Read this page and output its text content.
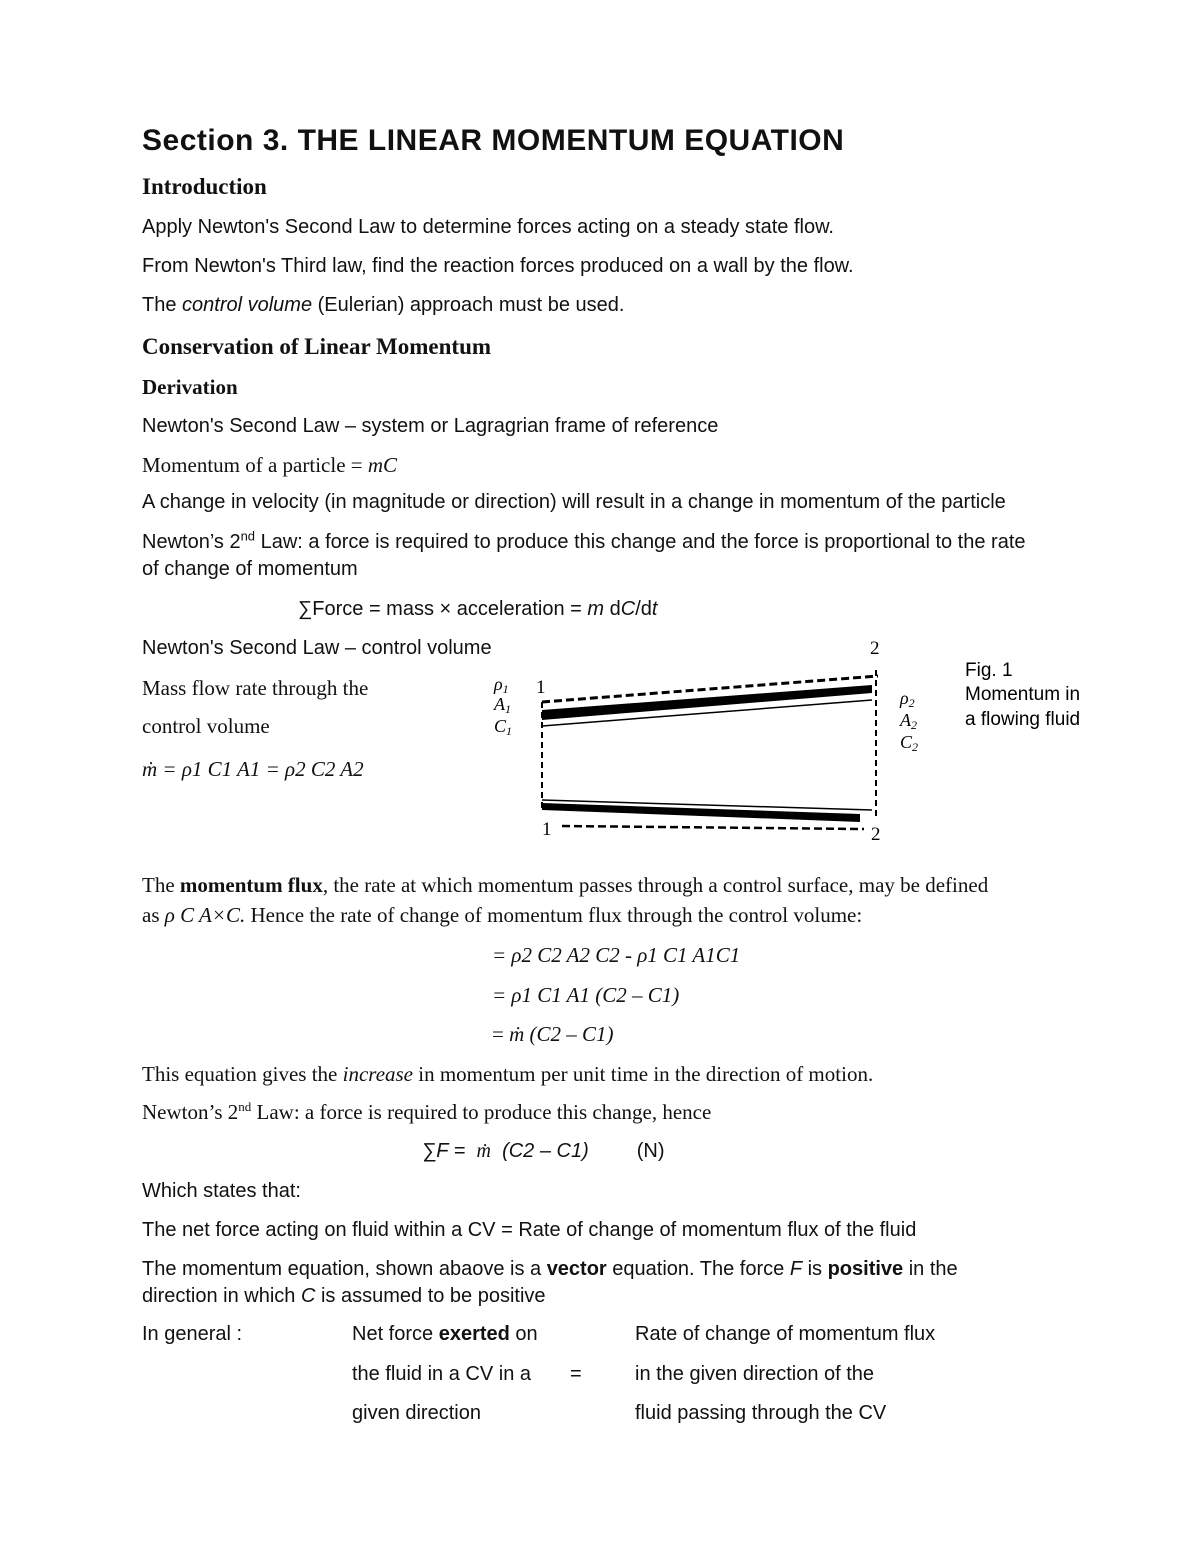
Section 3. THE LINEAR MOMENTUM EQUATION
Introduction
Apply Newton's Second Law to determine forces acting on a steady state flow.
From Newton's Third law, find the reaction forces produced on a wall by the flow.
The control volume (Eulerian) approach must be used.
Conservation of Linear Momentum
Derivation
Newton's Second Law – system or Lagragrian frame of reference
Momentum of a particle = mC
A change in velocity (in magnitude or direction) will result in a change in momentum of the particle
Newton’s 2nd Law: a force is required to produce this change and the force is proportional to the rate
of change of momentum
∑Force = mass × acceleration = m dC/dt
Newton's Second Law – control volume
Mass flow rate through the
control volume
ṁ = ρ1 C1 A1 = ρ2 C2 A2
1
2
1	2
ρ1
A1
C1
ρ2
A2
C2
Fig. 1
Momentum in
a flowing fluid
The momentum flux, the rate at which momentum passes through a control surface, may be defined
as ρ C A×C. Hence the rate of change of momentum flux through the control volume:
= ρ2 C2 A2 C2 - ρ1 C1 A1C1
= ρ1 C1 A1 (C2 – C1)
= ṁ (C2 – C1)
This equation gives the increase in momentum per unit time in the direction of motion.
Newton’s 2nd Law: a force is required to produce this change, hence
∑F = ṁ (C2 – C1) (N)
Which states that:
The net force acting on fluid within a CV = Rate of change of momentum flux of the fluid
The momentum equation, shown abaove is a vector equation. The force F is positive in the
direction in which C is assumed to be positive
In general :	Net force exerted on
the fluid in a CV in a =
given direction
Rate of change of momentum flux
in the given direction of the
fluid passing through the CV
